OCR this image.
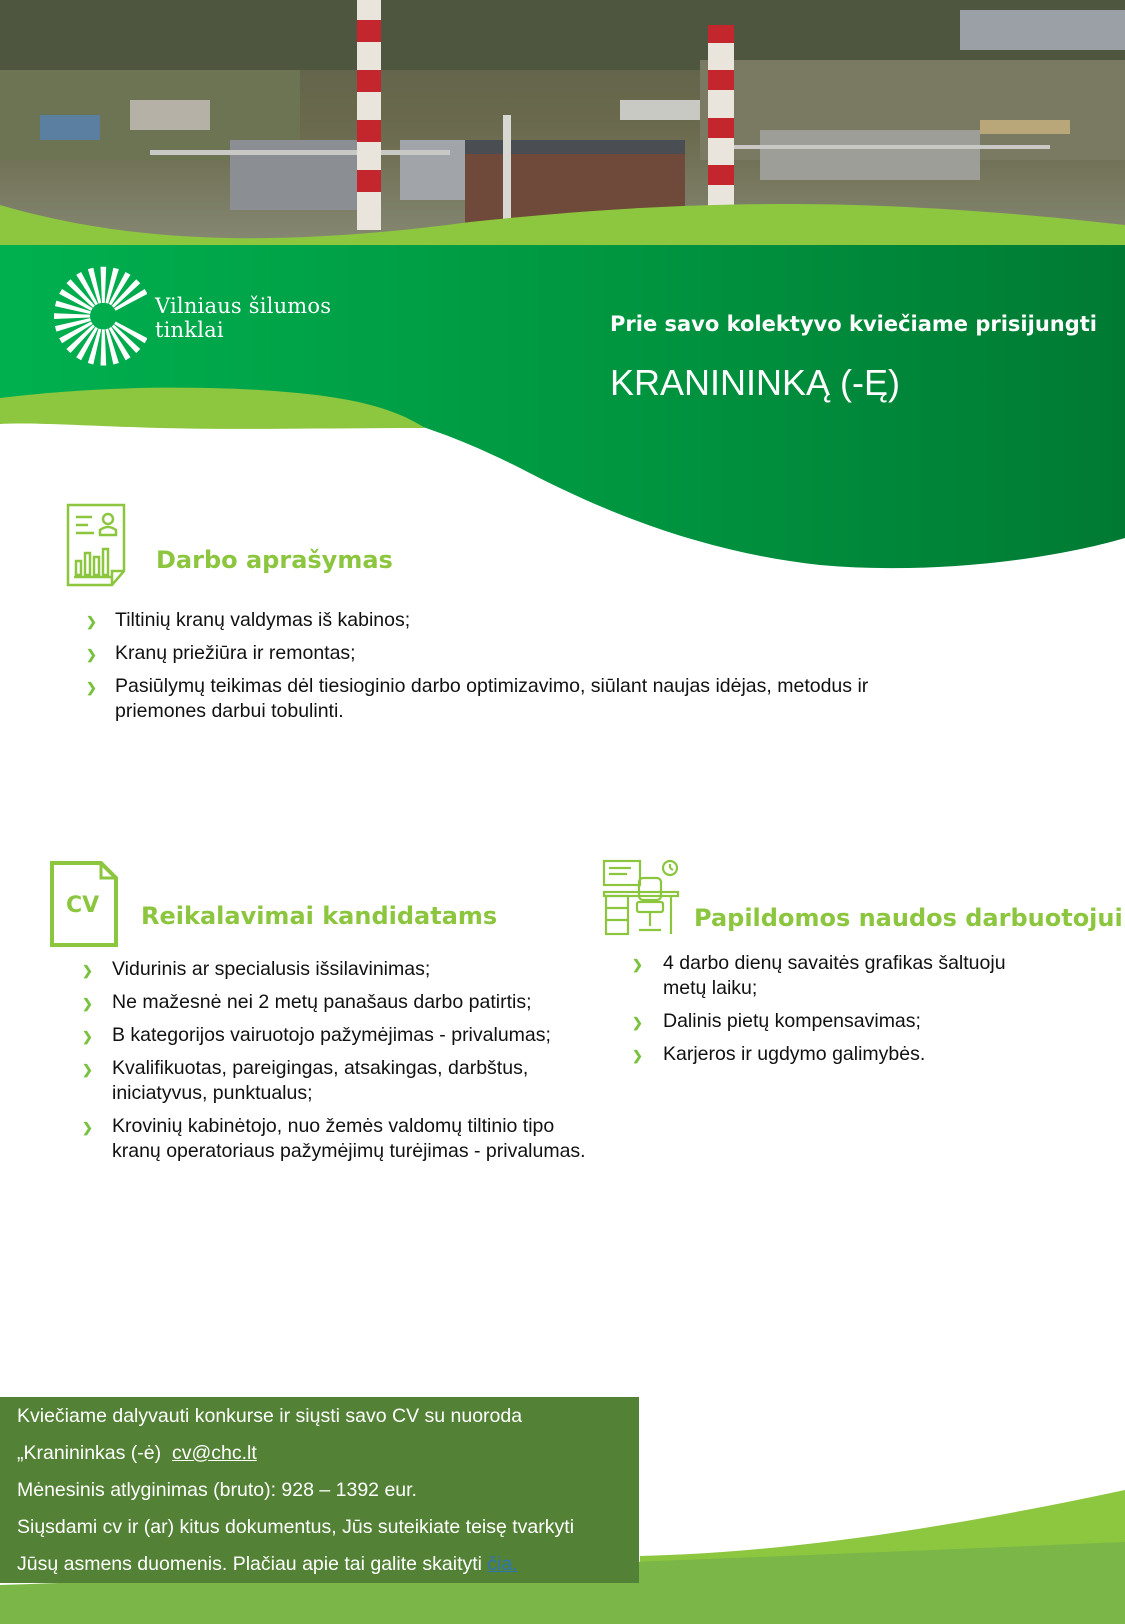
Vilniaus šilumos tinklai	Prie savo kolektyvo kviečiame prisijungti
KRANININKĄ (-Ę)
Darbo aprašymas
❯ Tiltinių kranų valdymas iš kabinos;
❯ Kranų priežiūra ir remontas;
❯ Pasiūlymų teikimas dėl tiesioginio darbo optimizavimo, siūlant naujas idėjas, metodus ir priemones darbui tobulinti.
CV Reikalavimai kandidatams
❯ Vidurinis ar specialusis išsilavinimas;
❯ Ne mažesnė nei 2 metų panašaus darbo patirtis;
❯ B kategorijos vairuotojo pažymėjimas - privalumas;
❯ Kvalifikuotas, pareigingas, atsakingas, darbštus, iniciatyvus, punktualus;
❯ Krovinių kabinėtojo, nuo žemės valdomų tiltinio tipo kranų operatoriaus pažymėjimų turėjimas - privalumas.
Papildomos naudos darbuotojui
❯ 4 darbo dienų savaitės grafikas šaltuoju metų laiku;
❯ Dalinis pietų kompensavimas;
❯ Karjeros ir ugdymo galimybės.
Kviečiame dalyvauti konkurse ir siųsti savo CV su nuoroda
„Kranininkas (-ė) cv@chc.lt
Mėnesinis atlyginimas (bruto): 928 – 1392 eur.
Siųsdami cv ir (ar) kitus dokumentus, Jūs suteikiate teisę tvarkyti
Jūsų asmens duomenis. Plačiau apie tai galite skaityti čia.
